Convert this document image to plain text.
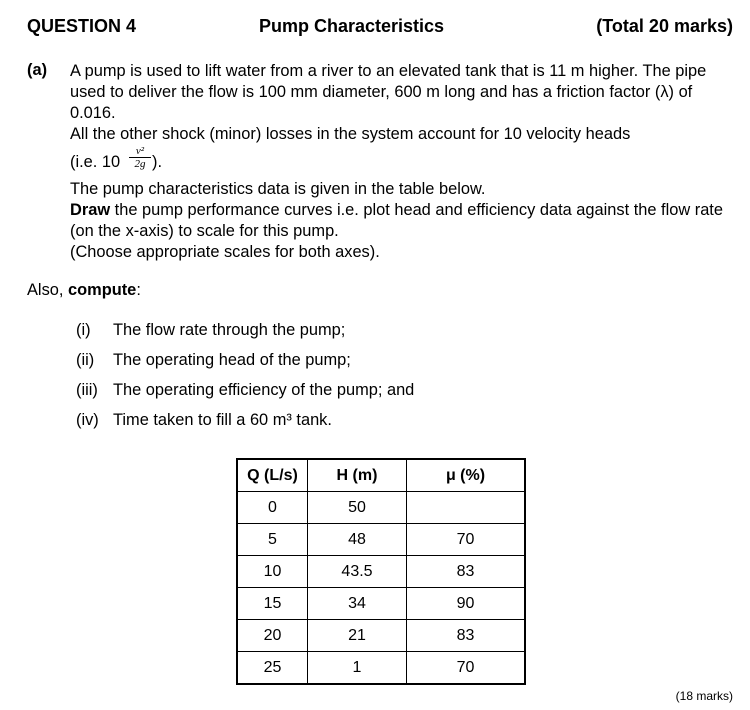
QUESTION 4	Pump Characteristics	(Total 20 marks)
(a) A pump is used to lift water from a river to an elevated tank that is 11 m higher. The pipe used to deliver the flow is 100 mm diameter, 600 m long and has a friction factor (λ) of 0.016.
All the other shock (minor) losses in the system account for 10 velocity heads
(i.e. $10 \frac{\text{v²}}{2g}$ ).
The pump characteristics data is given in the table below.
Draw the pump performance curves i.e. plot head and efficiency data against the flow rate (on the x-axis) to scale for this pump.
(Choose appropriate scales for both axes).
Also, compute:
(i) The flow rate through the pump;
(ii) The operating head of the pump;
(iii) The operating efficiency of the pump; and
(iv) Time taken to fill a 60 m³ tank.
Q (L/s)	H (m)	μ (%)
0	50	
5	48	70
10	43.5	83
15	34	90
20	21	83
25	1	70
(18 marks)
